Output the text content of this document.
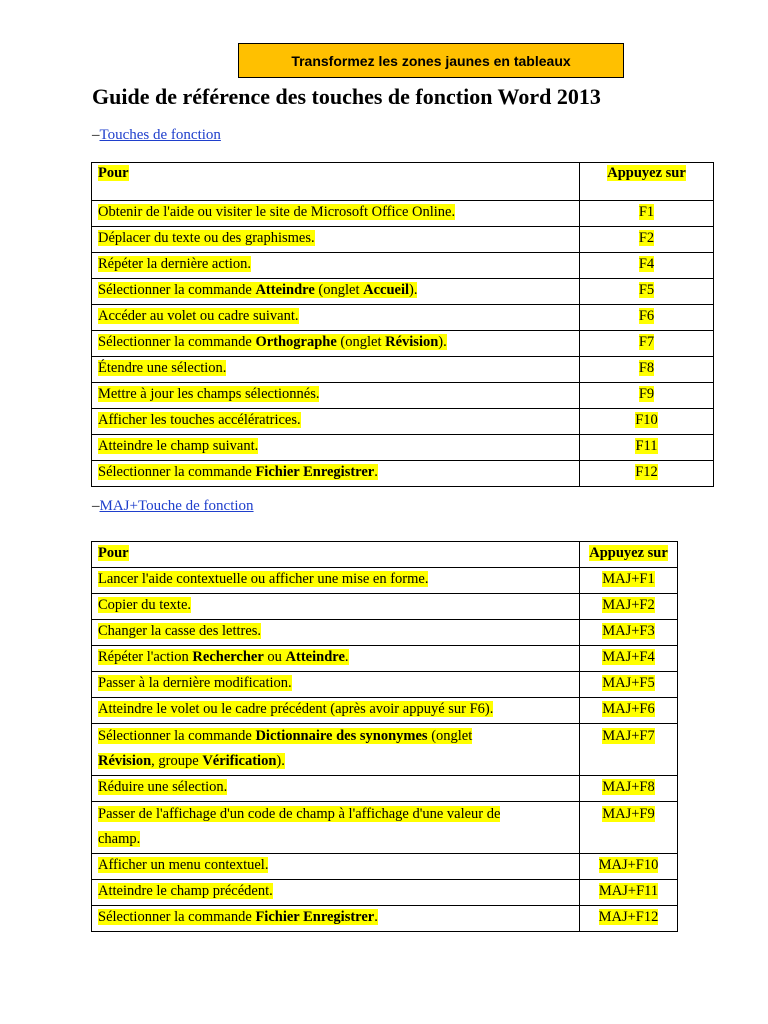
Transformez les zones jaunes en tableaux
Guide de référence des touches de fonction Word 2013
–Touches de fonction
Pour	Appuyez sur
Obtenir de l'aide ou visiter le site de Microsoft Office Online.	F1
Déplacer du texte ou des graphismes.	F2
Répéter la dernière action.	F4
Sélectionner la commande Atteindre (onglet Accueil).	F5
Accéder au volet ou cadre suivant.	F6
Sélectionner la commande Orthographe (onglet Révision).	F7
Étendre une sélection.	F8
Mettre à jour les champs sélectionnés.	F9
Afficher les touches accélératrices.	F10
Atteindre le champ suivant.	F11
Sélectionner la commande Fichier Enregistrer.	F12
–MAJ+Touche de fonction
Pour	Appuyez sur
Lancer l'aide contextuelle ou afficher une mise en forme.	MAJ+F1
Copier du texte.	MAJ+F2
Changer la casse des lettres.	MAJ+F3
Répéter l'action Rechercher ou Atteindre.	MAJ+F4
Passer à la dernière modification.	MAJ+F5
Atteindre le volet ou le cadre précédent (après avoir appuyé sur F6).	MAJ+F6
Sélectionner la commande Dictionnaire des synonymes (onglet
Révision, groupe Vérification).	MAJ+F7
Réduire une sélection.	MAJ+F8
Passer de l'affichage d'un code de champ à l'affichage d'une valeur de
champ.	MAJ+F9
Afficher un menu contextuel.	MAJ+F10
Atteindre le champ précédent.	MAJ+F11
Sélectionner la commande Fichier Enregistrer.	MAJ+F12
